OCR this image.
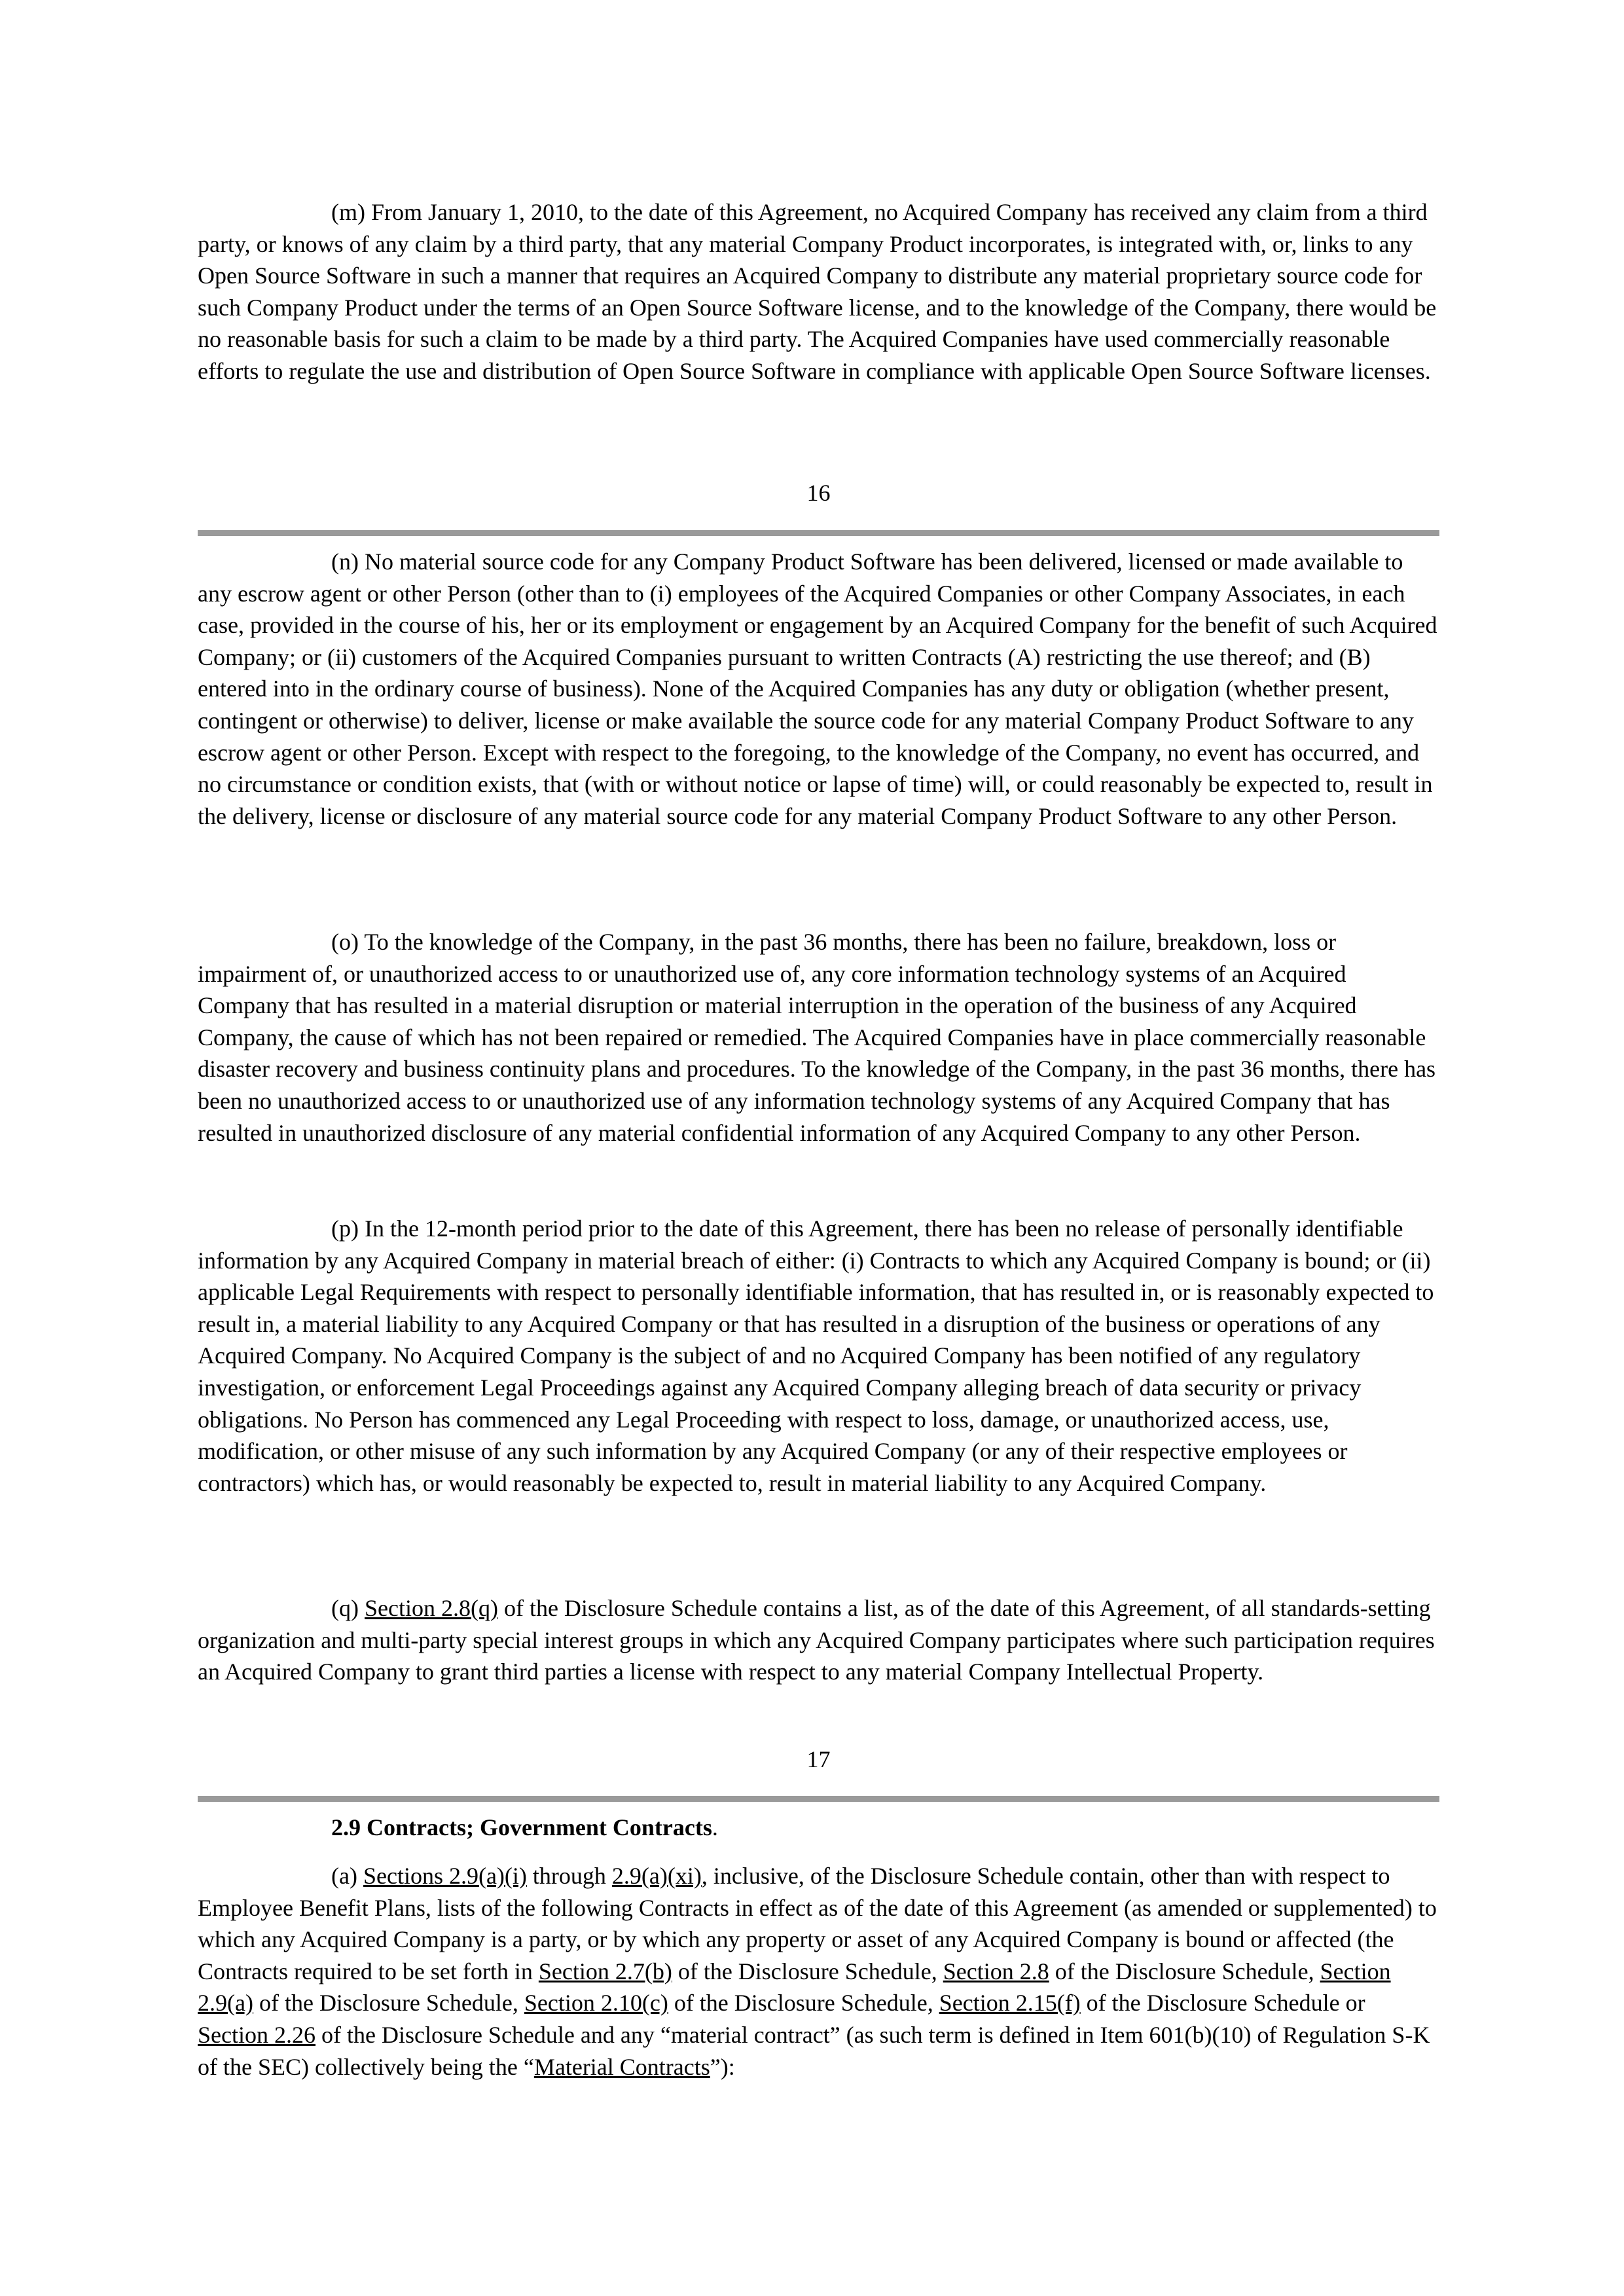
(m) From January 1, 2010, to the date of this Agreement, no Acquired Company has received any claim from a third party, or knows of any claim by a third party, that any material Company Product incorporates, is integrated with, or, links to any Open Source Software in such a manner that requires an Acquired Company to distribute any material proprietary source code for such Company Product under the terms of an Open Source Software license, and to the knowledge of the Company, there would be no reasonable basis for such a claim to be made by a third party. The Acquired Companies have used commercially reasonable efforts to regulate the use and distribution of Open Source Software in compliance with applicable Open Source Software licenses.

16

(n) No material source code for any Company Product Software has been delivered, licensed or made available to any escrow agent or other Person (other than to (i) employees of the Acquired Companies or other Company Associates, in each case, provided in the course of his, her or its employment or engagement by an Acquired Company for the benefit of such Acquired Company; or (ii) customers of the Acquired Companies pursuant to written Contracts (A) restricting the use thereof; and (B) entered into in the ordinary course of business). None of the Acquired Companies has any duty or obligation (whether present, contingent or otherwise) to deliver, license or make available the source code for any material Company Product Software to any escrow agent or other Person. Except with respect to the foregoing, to the knowledge of the Company, no event has occurred, and no circumstance or condition exists, that (with or without notice or lapse of time) will, or could reasonably be expected to, result in the delivery, license or disclosure of any material source code for any material Company Product Software to any other Person.

(o) To the knowledge of the Company, in the past 36 months, there has been no failure, breakdown, loss or impairment of, or unauthorized access to or unauthorized use of, any core information technology systems of an Acquired Company that has resulted in a material disruption or material interruption in the operation of the business of any Acquired Company, the cause of which has not been repaired or remedied. The Acquired Companies have in place commercially reasonable disaster recovery and business continuity plans and procedures. To the knowledge of the Company, in the past 36 months, there has been no unauthorized access to or unauthorized use of any information technology systems of any Acquired Company that has resulted in unauthorized disclosure of any material confidential information of any Acquired Company to any other Person.

(p) In the 12-month period prior to the date of this Agreement, there has been no release of personally identifiable information by any Acquired Company in material breach of either: (i) Contracts to which any Acquired Company is bound; or (ii) applicable Legal Requirements with respect to personally identifiable information, that has resulted in, or is reasonably expected to result in, a material liability to any Acquired Company or that has resulted in a disruption of the business or operations of any Acquired Company. No Acquired Company is the subject of and no Acquired Company has been notified of any regulatory investigation, or enforcement Legal Proceedings against any Acquired Company alleging breach of data security or privacy obligations. No Person has commenced any Legal Proceeding with respect to loss, damage, or unauthorized access, use, modification, or other misuse of any such information by any Acquired Company (or any of their respective employees or contractors) which has, or would reasonably be expected to, result in material liability to any Acquired Company.

(q) Section 2.8(q) of the Disclosure Schedule contains a list, as of the date of this Agreement, of all standards-setting organization and multi-party special interest groups in which any Acquired Company participates where such participation requires an Acquired Company to grant third parties a license with respect to any material Company Intellectual Property.

17
2.9 Contracts; Government Contracts.

(a) Sections 2.9(a)(i) through 2.9(a)(xi), inclusive, of the Disclosure Schedule contain, other than with respect to Employee Benefit Plans, lists of the following Contracts in effect as of the date of this Agreement (as amended or supplemented) to which any Acquired Company is a party, or by which any property or asset of any Acquired Company is bound or affected (the Contracts required to be set forth in Section 2.7(b) of the Disclosure Schedule, Section 2.8 of the Disclosure Schedule, Section 2.9(a) of the Disclosure Schedule, Section 2.10(c) of the Disclosure Schedule, Section 2.15(f) of the Disclosure Schedule or Section 2.26 of the Disclosure Schedule and any “material contract” (as such term is defined in Item 601(b)(10) of Regulation S-K of the SEC) collectively being the “Material Contracts”):
